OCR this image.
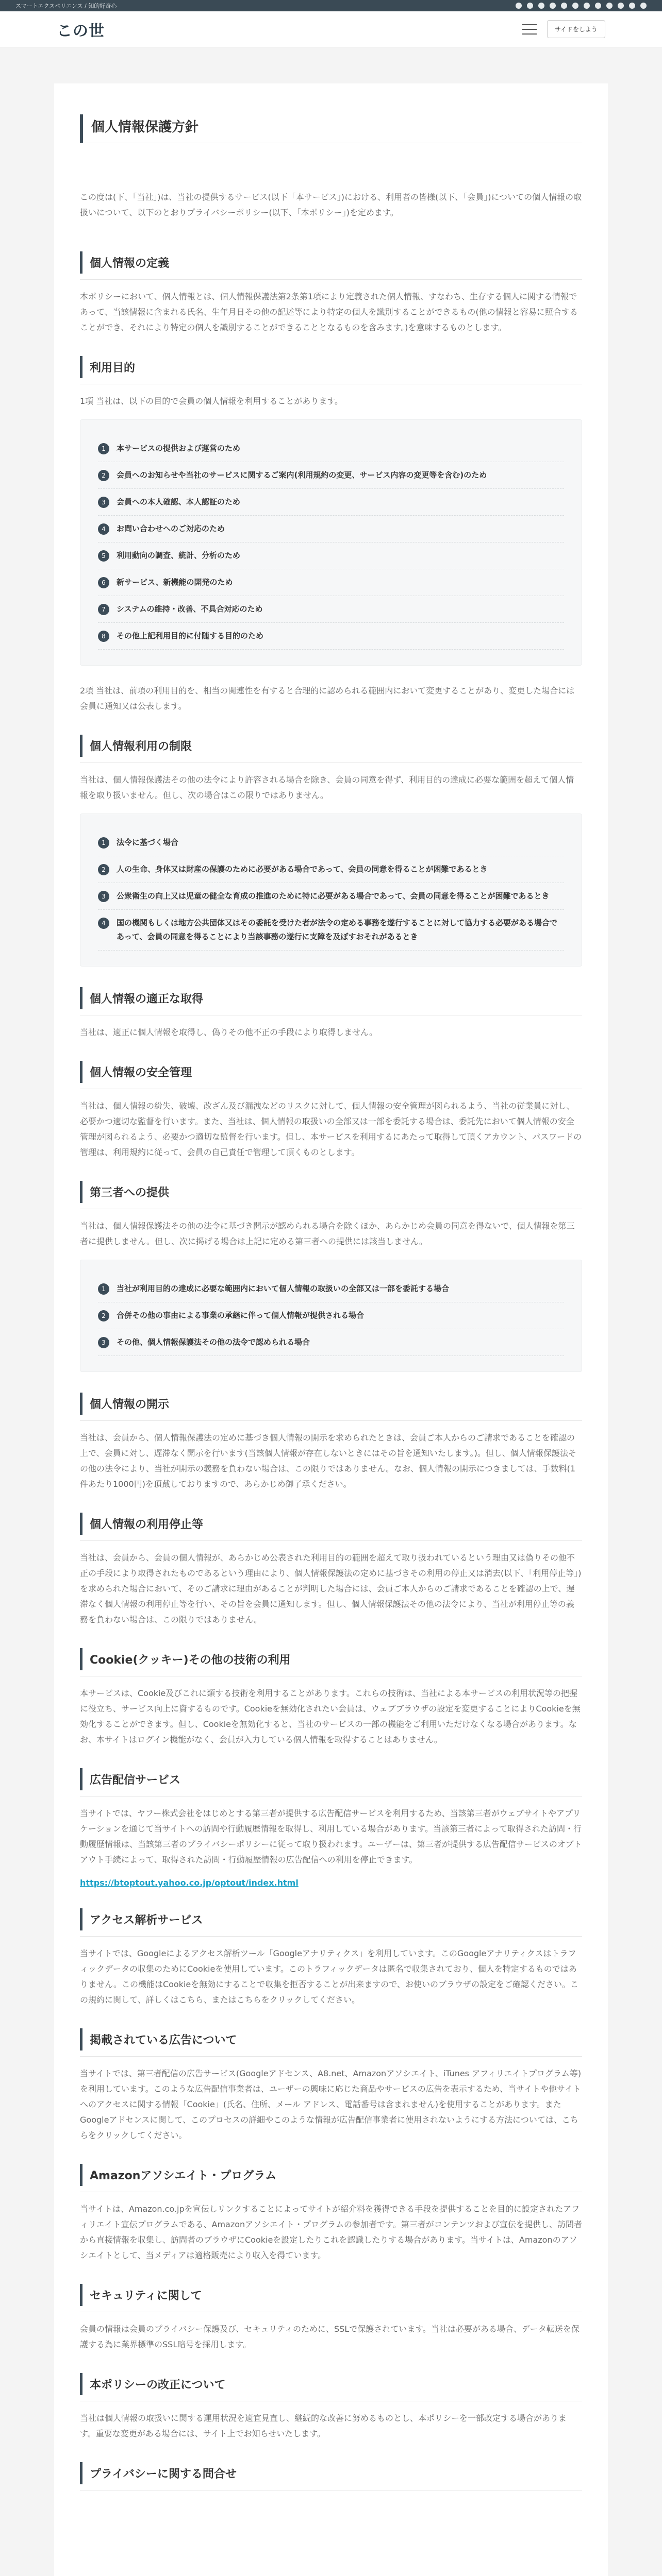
スマートエクスペリエンス / 知的好奇心
この世	サイドをしよう
個人情報保護方針

この度は(下、「当社」)は、当社の提供するサービス(以下「本サービス」)における、利用者の皆様(以下、「会員」)についての個人情報の取扱いについて、以下のとおりプライバシーポリシー(以下、「本ポリシー」)を定めます。

個人情報の定義

本ポリシーにおいて、個人情報とは、個人情報保護法第2条第1項により定義された個人情報、すなわち、生存する個人に関する情報であって、当該情報に含まれる氏名、生年月日その他の記述等により特定の個人を識別することができるもの(他の情報と容易に照合することができ、それにより特定の個人を識別することができることとなるものを含みます。)を意味するものとします。

利用目的

1項 当社は、以下の目的で会員の個人情報を利用することがあります。

1	本サービスの提供および運営のため
2	会員へのお知らせや当社のサービスに関するご案内(利用規約の変更、サービス内容の変更等を含む)のため
3	会員への本人確認、本人認証のため
4	お問い合わせへのご対応のため
5	利用動向の調査、統計、分析のため
6	新サービス、新機能の開発のため
7	システムの維持・改善、不具合対応のため
8	その他上記利用目的に付随する目的のため

2項 当社は、前項の利用目的を、相当の関連性を有すると合理的に認められる範囲内において変更することがあり、変更した場合には会員に通知又は公表します。

個人情報利用の制限

当社は、個人情報保護法その他の法令により許容される場合を除き、会員の同意を得ず、利用目的の達成に必要な範囲を超えて個人情報を取り扱いません。但し、次の場合はこの限りではありません。

1	法令に基づく場合
2	人の生命、身体又は財産の保護のために必要がある場合であって、会員の同意を得ることが困難であるとき
3	公衆衛生の向上又は児童の健全な育成の推進のために特に必要がある場合であって、会員の同意を得ることが困難であるとき
4	国の機関もしくは地方公共団体又はその委託を受けた者が法令の定める事務を遂行することに対して協力する必要がある場合であって、会員の同意を得ることにより当該事務の遂行に支障を及ぼすおそれがあるとき
個人情報の適正な取得

当社は、適正に個人情報を取得し、偽りその他不正の手段により取得しません。

個人情報の安全管理

当社は、個人情報の紛失、破壊、改ざん及び漏洩などのリスクに対して、個人情報の安全管理が図られるよう、当社の従業員に対し、必要かつ適切な監督を行います。また、当社は、個人情報の取扱いの全部又は一部を委託する場合は、委託先において個人情報の安全管理が図られるよう、必要かつ適切な監督を行います。但し、本サービスを利用するにあたって取得して頂くアカウント、パスワードの管理は、利用規約に従って、会員の自己責任で管理して頂くものとします。

第三者への提供

当社は、個人情報保護法その他の法令に基づき開示が認められる場合を除くほか、あらかじめ会員の同意を得ないで、個人情報を第三者に提供しません。但し、次に掲げる場合は上記に定める第三者への提供には該当しません。

1	当社が利用目的の達成に必要な範囲内において個人情報の取扱いの全部又は一部を委託する場合
2	合併その他の事由による事業の承継に伴って個人情報が提供される場合
3	その他、個人情報保護法その他の法令で認められる場合
個人情報の開示

当社は、会員から、個人情報保護法の定めに基づき個人情報の開示を求められたときは、会員ご本人からのご請求であることを確認の上で、会員に対し、遅滞なく開示を行います(当該個人情報が存在しないときにはその旨を通知いたします。)。但し、個人情報保護法その他の法令により、当社が開示の義務を負わない場合は、この限りではありません。なお、個人情報の開示につきましては、手数料(1件あたり1000円)を頂戴しておりますので、あらかじめ御了承ください。

個人情報の利用停止等

当社は、会員から、会員の個人情報が、あらかじめ公表された利用目的の範囲を超えて取り扱われているという理由又は偽りその他不正の手段により取得されたものであるという理由により、個人情報保護法の定めに基づきその利用の停止又は消去(以下、「利用停止等」)を求められた場合において、そのご請求に理由があることが判明した場合には、会員ご本人からのご請求であることを確認の上で、遅滞なく個人情報の利用停止等を行い、その旨を会員に通知します。但し、個人情報保護法その他の法令により、当社が利用停止等の義務を負わない場合は、この限りではありません。

Cookie(クッキー)その他の技術の利用

本サービスは、Cookie及びこれに類する技術を利用することがあります。これらの技術は、当社による本サービスの利用状況等の把握に役立ち、サービス向上に資するものです。Cookieを無効化されたい会員は、ウェブブラウザの設定を変更することによりCookieを無効化することができます。但し、Cookieを無効化すると、当社のサービスの一部の機能をご利用いただけなくなる場合があります。なお、本サイトはログイン機能がなく、会員が入力している個人情報を取得することはありません。

広告配信サービス

当サイトでは、ヤフー株式会社をはじめとする第三者が提供する広告配信サービスを利用するため、当該第三者がウェブサイトやアプリケーションを通じて当サイトへの訪問や行動履歴情報を取得し、利用している場合があります。当該第三者によって取得された訪問・行動履歴情報は、当該第三者のプライバシーポリシーに従って取り扱われます。ユーザーは、第三者が提供する広告配信サービスのオプトアウト手続によって、取得された訪問・行動履歴情報の広告配信への利用を停止できます。

https://btoptout.yahoo.co.jp/optout/index.html
アクセス解析サービス

当サイトでは、Googleによるアクセス解析ツール「Googleアナリティクス」を利用しています。このGoogleアナリティクスはトラフィックデータの収集のためにCookieを使用しています。このトラフィックデータは匿名で収集されており、個人を特定するものではありません。この機能はCookieを無効にすることで収集を拒否することが出来ますので、お使いのブラウザの設定をご確認ください。この規約に関して、詳しくはこちら、またはこちらをクリックしてください。

掲載されている広告について

当サイトでは、第三者配信の広告サービス(Googleアドセンス、A8.net、Amazonアソシエイト、iTunes アフィリエイトプログラム等)を利用しています。このような広告配信事業者は、ユーザーの興味に応じた商品やサービスの広告を表示するため、当サイトや他サイトへのアクセスに関する情報「Cookie」(氏名、住所、メール アドレス、電話番号は含まれません)を使用することがあります。またGoogleアドセンスに関して、このプロセスの詳細やこのような情報が広告配信事業者に使用されないようにする方法については、こちらをクリックしてください。

Amazonアソシエイト・プログラム

当サイトは、Amazon.co.jpを宣伝しリンクすることによってサイトが紹介料を獲得できる手段を提供することを目的に設定されたアフィリエイト宣伝プログラムである、Amazonアソシエイト・プログラムの参加者です。第三者がコンテンツおよび宣伝を提供し、訪問者から直接情報を収集し、訪問者のブラウザにCookieを設定したりこれを認識したりする場合があります。当サイトは、Amazonのアソシエイトとして、当メディアは適格販売により収入を得ています。

セキュリティに関して

会員の情報は会員のプライバシー保護及び、セキュリティのために、SSLで保護されています。当社は必要がある場合、データ転送を保護する為に業界標準のSSL暗号を採用します。

本ポリシーの改正について

当社は個人情報の取扱いに関する運用状況を適宜見直し、継続的な改善に努めるものとし、本ポリシーを一部改定する場合があります。重要な変更がある場合には、サイト上でお知らせいたします。

プライバシーに関する問合せ
